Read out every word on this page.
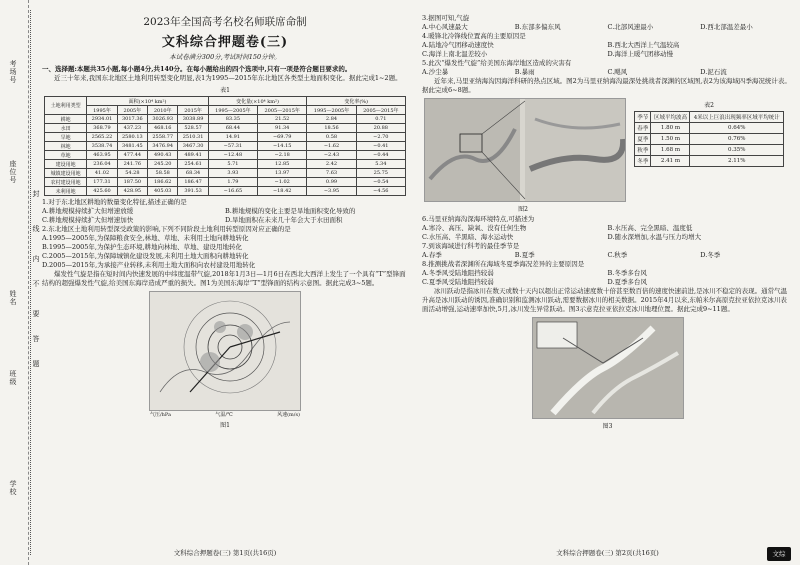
考场号
座位号
姓名
班级
学校
封
线
内
不
要
答
题
2023年全国高考名校名师联席命制
文科综合押题卷(三)
本试卷满分300分,考试时间150分钟。
一、选择题:本题共35小题,每小题4分,共140分。在每小题给出的四个选项中,只有一项是符合题目要求的。
近三十年来,我国东北地区土地利用转型变化明显,表1为1995—2015年东北地区各类型土地面积变化。据此完成1~2题。
表1
土地利用类型	面积(×10⁴ km²)				变化量(×10⁴ km²)		变化率(%)	
	1995年	2005年	2010年	2015年	1995—2005年	2005—2015年	1995—2005年	2005—2015年
耕地	2934.01	3017.36	3026.93	3038.89	83.35	21.52	2.84	0.71
水田	368.79	437.23	468.16	528.57	68.44	91.34	18.56	20.88
旱地	2565.22	2580.13	2558.77	2510.31	14.91	−69.79	0.58	−2.70
林地	3538.74	3481.45	3476.94	3467.30	−57.31	−14.15	−1.62	−0.41
草地	463.95	477.44	490.43	489.41	−12.48	−2.18	−2.43	−0.44
建设用地	236.04	241.76	245.20	254.61	5.71	12.85	2.42	5.34
城镇建设用地	41.02	54.28	58.58	68.34	3.93	13.97	7.63	25.75
农村建设用地	177.31	187.50	186.62	186.47	1.79	−1.02	0.99	−0.54
未利用地	425.60	428.95	405.03	391.53	−16.65	−18.42	−3.95	−4.56
1.对于东北地区耕地的数量变化特征,描述正确的是
A.耕地规模持续扩大但增速放缓	B.耕地规模的变化主要是旱地面积变化导致的
C.耕地规模持续扩大但增速加快	D.旱地面积在未来几十年会大于水田面积
2.东北地区土地利用转型深受政策的影响,下列不同阶段土地利用转型原因对应正确的是
A.1995—2005年,为保障粮食安全,林地、草地、未利用土地向耕地转化
B.1995—2005年,为保护生态环境,耕地向林地、草地、建设用地转化
C.2005—2015年,为保障城镇化建设发展,未利用土地大面积向耕地转化
D.2005—2015年,为承接产业转移,未利用土地大面积向农村建设用地转化
爆发性气旋是指在短时间内快速发展的中纬度温带气旋,2018年1月3日—1月6日在西北大西洋上发生了一个具有“T”型锋面结构的超强爆发性气旋,给美国东海岸造成严重的损失。图1为美国东海岸“T”型锋面的结构示意图。据此完成3~5题。
气压/hPa	气温/℃	风速(m/s)
图1
文科综合押题卷(三) 第1页(共16页)
3.据图可知,气旋
A.中心风速最大	B.东部多偏东风	C.北部风速最小	D.西北部温差最小
4.暖锋北冷锋线位置高的主要原因是
A.陆地冷气团移动速度快	B.西北大西洋上气温较高
C.海洋上南北温差较小	D.海洋上暖气团移动慢
5.此次“爆发性气旋”给美国东海岸地区造成的灾害有
A.沙尘暴	B.暴雨	C.飓风	D.泥石流
近年来,马里亚纳海沟因海洋科研的热点区域。图2为马里亚纳海沟最深处挑战者深渊的区域图,表2为该海域四季海况统计表。据此完成6~8题。
图2
表2
季节	区域平均波高	4米以上巨浪出现频率区域平均统计
春季	1.80 m	0.64%
夏季	1.50 m	0.76%
秋季	1.68 m	0.35%
冬季	2.41 m	2.11%
6.马里亚纳海沟深海环境特点,可描述为
A.寒冷、高压、缺氧、没有任何生物	B.水压高、完全黑暗、温度低
C.水压高、半黑暗、海水运动快	D.随水深增加,水温与压力均增大
7.到该海域进行科考的最佳季节是
A.春季	B.夏季	C.秋季	D.冬季
8.推测挑战者深渊所在海域冬夏季海况差异的主要原因是
A.冬季风受陆地阻挡较弱	B.冬季多台风
C.夏季风受陆地阻挡较弱	D.夏季多台风
冰川跃动是指冰川在数天或数十天内以超出正常运动速度数十倍甚至数百倍的速度快速前进,是冰川不稳定的表现。通常气温升高是冰川跃动的诱因,准确识别和监测冰川跃动,需要数据冰川的相关数据。2015年4月以来,东帕米尔高原克拉亚依拉克冰川表面活动增强,运动速率加快,5月,冰川发生异常跃动。图3示意克拉亚依拉克冰川地理位置。据此完成9~11题。
图3
文科综合押题卷(三) 第2页(共16页)	文综
